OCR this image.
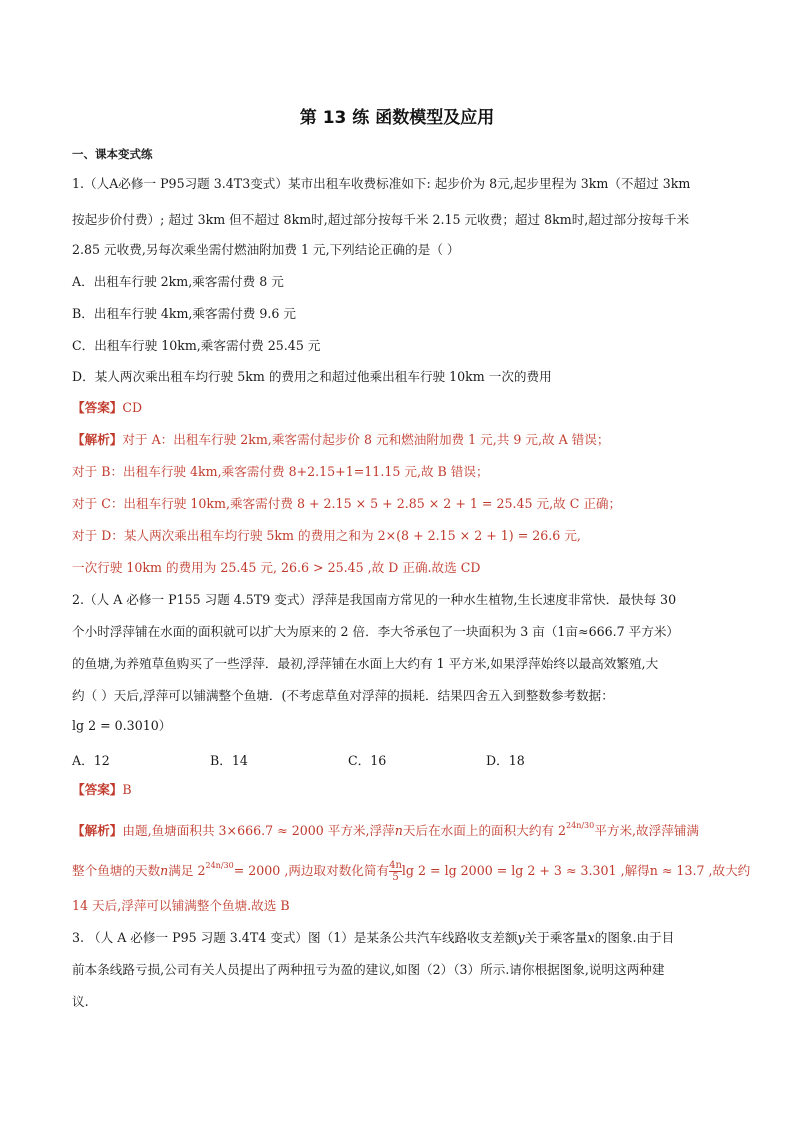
第 13 练 函数模型及应用
一、课本变式练
1.（人A必修一 P95习题 3.4T3变式）某市出租车收费标准如下: 起步价为 8元,起步里程为 3km（不超过 3km
按起步价付费）; 超过 3km 但不超过 8km时,超过部分按每千米 2.15 元收费；超过 8km时,超过部分按每千米
2.85 元收费,另每次乘坐需付燃油附加费 1 元,下列结论正确的是（ ）
A．出租车行驶 2km,乘客需付费 8 元
B．出租车行驶 4km,乘客需付费 9.6 元
C．出租车行驶 10km,乘客需付费 25.45 元
D．某人两次乘出租车均行驶 5km 的费用之和超过他乘出租车行驶 10km 一次的费用
【答案】CD
【解析】对于 A：出租车行驶 2km,乘客需付起步价 8 元和燃油附加费 1 元,共 9 元,故 A 错误；
对于 B：出租车行驶 4km,乘客需付费 8+2.15+1=11.15 元,故 B 错误；
对于 C：出租车行驶 10km,乘客需付费 8 + 2.15 × 5 + 2.85 × 2 + 1 = 25.45 元,故 C 正确；
对于 D：某人两次乘出租车均行驶 5km 的费用之和为 2×(8 + 2.15 × 2 + 1) = 26.6 元,
一次行驶 10km 的费用为 25.45 元, 26.6 > 25.45 ,故 D 正确.故选 CD
2.（人 A 必修一 P155 习题 4.5T9 变式）浮萍是我国南方常见的一种水生植物,生长速度非常快．最快每 30
个小时浮萍铺在水面的面积就可以扩大为原来的 2 倍．李大爷承包了一块面积为 3 亩（1亩≈666.7 平方米）
的鱼塘,为养殖草鱼购买了一些浮萍．最初,浮萍铺在水面上大约有 1 平方米,如果浮萍始终以最高效繁殖,大
约（ ）天后,浮萍可以铺满整个鱼塘．(不考虑草鱼对浮萍的损耗．结果四舍五入到整数参考数据：
lg 2 = 0.3010）
A．12	B．14	C．16	D．18
【答案】B
【解析】由题,鱼塘面积共 3×666.7 ≈ 2000 平方米,浮萍n天后在水面上的面积大约有 $2^{24n/30}$平方米,故浮萍铺满
整个鱼塘的天数n满足 $2^{24n/30}= 2000$ ,两边取对数化简有 $\frac{4n}{5}$ lg 2 = lg 2000 = lg 2 + 3 ≈ 3.301 ,解得n ≈ 13.7 ,故大约
14 天后,浮萍可以铺满整个鱼塘.故选 B
3. （人 A 必修一 P95 习题 3.4T4 变式）图（1）是某条公共汽车线路收支差额y关于乘客量x的图象.由于目
前本条线路亏损,公司有关人员提出了两种扭亏为盈的建议,如图（2）（3）所示.请你根据图象,说明这两种建
议.
